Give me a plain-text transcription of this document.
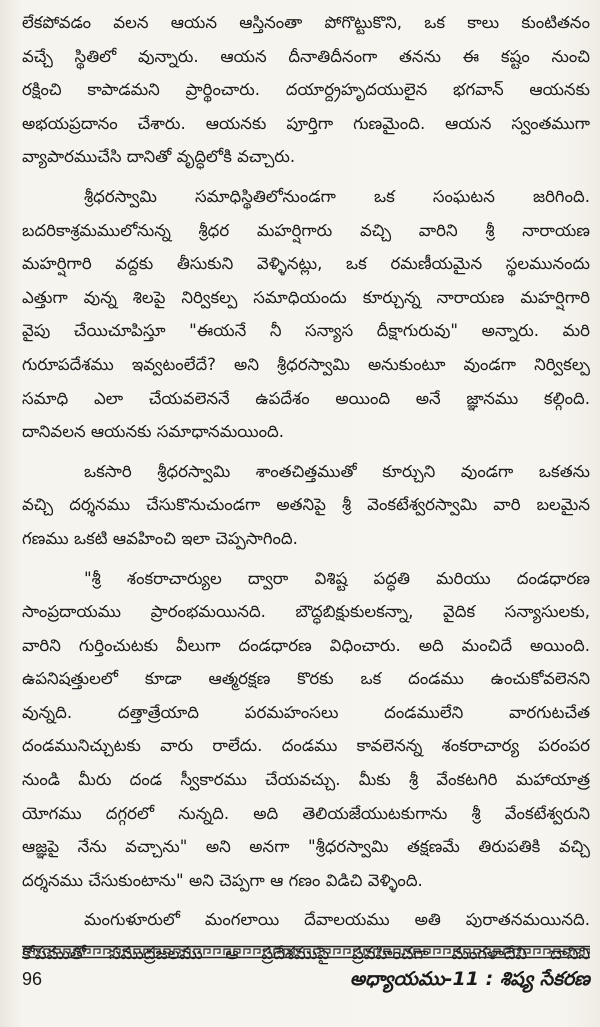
లేకపోవడం వలన ఆయన ఆస్తినంతా పోగొట్టుకొని, ఒక కాలు కుంటితనం
వచ్చే స్థితిలో వున్నారు. ఆయన దీనాతిదీనంగా తనను ఈ కష్టం నుంచి
రక్షించి కాపాడమని ప్రార్థించారు. దయార్ద్రహృదయులైన భగవాన్ ఆయనకు
అభయప్రదానం చేశారు. ఆయనకు పూర్తిగా గుణమైంది. ఆయన స్వంతముగా
వ్యాపారముచేసి దానితో వృద్ధిలోకి వచ్చారు.

శ్రీధరస్వామి సమాధిస్థితిలోనుండగా ఒక సంఘటన జరిగింది.
బదరికాశ్రమములోనున్న శ్రీధర మహర్షిగారు వచ్చి వారిని శ్రీ నారాయణ
మహర్షిగారి వద్దకు తీసుకుని వెళ్ళినట్లు, ఒక రమణీయమైన స్థలమునందు
ఎత్తుగా వున్న శిలపై నిర్వికల్ప సమాధియందు కూర్చున్న నారాయణ మహర్షిగారి
వైపు చేయిచూపిస్తూ "ఈయనే నీ సన్యాస దీక్షాగురువు" అన్నారు. మరి
గురూపదేశము ఇవ్వటంలేదే? అని శ్రీధరస్వామి అనుకుంటూ వుండగా నిర్వికల్ప
సమాధి ఎలా చేయవలెననే ఉపదేశం అయింది అనే జ్ఞానము కల్గింది.
దానివలన ఆయనకు సమాధానమయింది.

ఒకసారి శ్రీధరస్వామి శాంతచిత్తముతో కూర్చుని వుండగా ఒకతను
వచ్చి దర్శనము చేసుకొనుచుండగా అతనిపై శ్రీ వెంకటేశ్వరస్వామి వారి బలమైన
గణము ఒకటి ఆవహించి ఇలా చెప్పసాగింది.

"శ్రీ శంకరాచార్యుల ద్వారా విశిష్ట పద్ధతి మరియు దండధారణ
సాంప్రదాయము ప్రారంభమయినది. బౌద్ధబిక్షుకులకన్నా, వైదిక సన్యాసులకు,
వారిని గుర్తించుటకు వీలుగా దండధారణ విధించారు. అది మంచిదే అయింది.
ఉపనిషత్తులలో కూడా ఆత్మరక్షణ కొరకు ఒక దండము ఉంచుకోవలెనని
వున్నది. దత్తాత్రేయాది పరమహంసలు దండములేని వారగుటచేత
దండమునిచ్చుటకు వారు రాలేదు. దండము కావలెనన్న శంకరాచార్య పరంపర
నుండి మీరు దండ స్వీకారము చేయవచ్చు. మీకు శ్రీ వేంకటగిరి మహాయాత్ర
యోగము దగ్గరలో నున్నది. అది తెలియజేయుటకుగాను శ్రీ వేంకటేశ్వరుని
ఆజ్ఞపై నేను వచ్చాను" అని అనగా "శ్రీధరస్వామి తక్షణమే తిరుపతికి వచ్చి
దర్శనము చేసుకుంటాను" అని చెప్పగా ఆ గణం విడిచి వెళ్ళింది.

మంగుళూరులో మంగలాయి దేవాలయము అతి పురాతనమయినది.
కోపముతో సముద్రజలము ఆ ప్రదేశముపై ప్రవహించగా మంగళాదేవి దానిని

96	అధ్యాయము-11 : శిష్య సేకరణ
